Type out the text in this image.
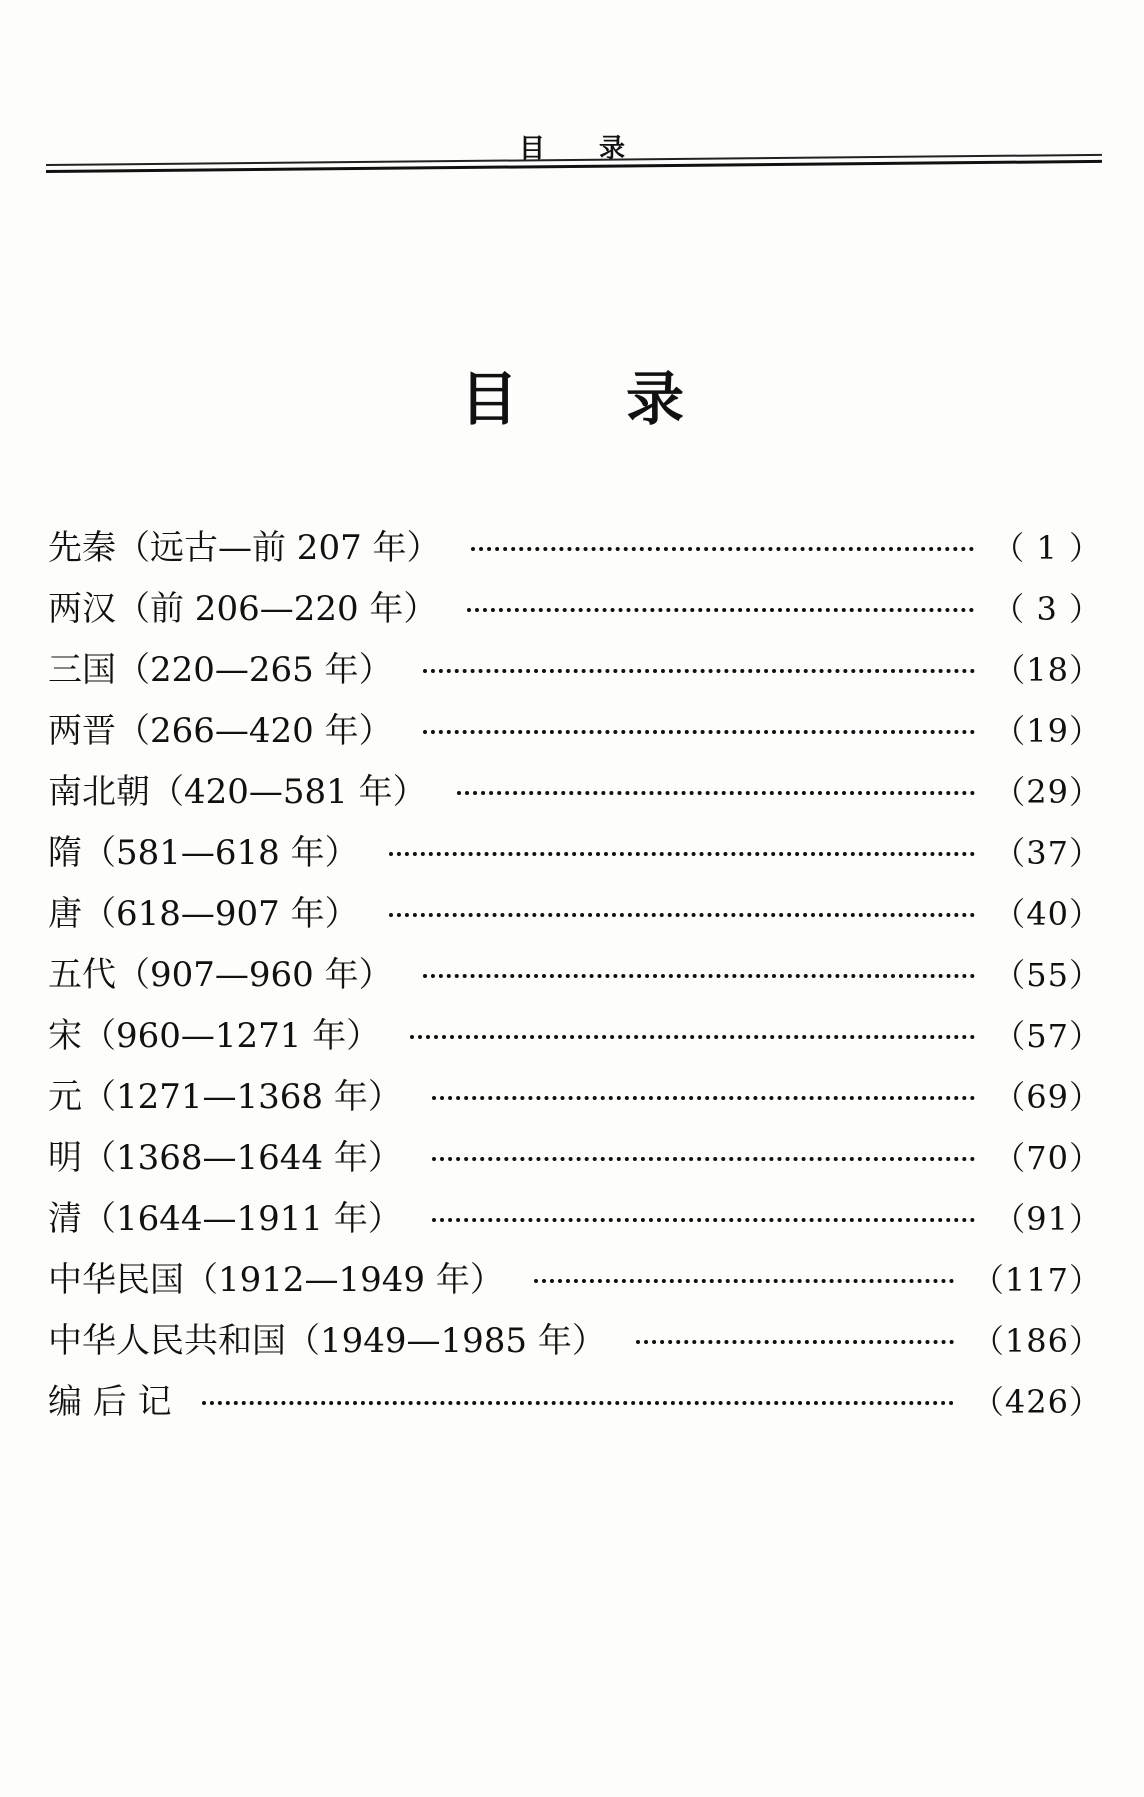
目录
目录
先秦（远古—前 207 年）	（ 1 ）
两汉（前 206—220 年）	（ 3 ）
三国（220—265 年）	（18）
两晋（266—420 年）	（19）
南北朝（420—581 年）	（29）
隋（581—618 年）	（37）
唐（618—907 年）	（40）
五代（907—960 年）	（55）
宋（960—1271 年）	（57）
元（1271—1368 年）	（69）
明（1368—1644 年）	（70）
清（1644—1911 年）	（91）
中华民国（1912—1949 年）	（117）
中华人民共和国（1949—1985 年）	（186）
编 后 记	（426）
